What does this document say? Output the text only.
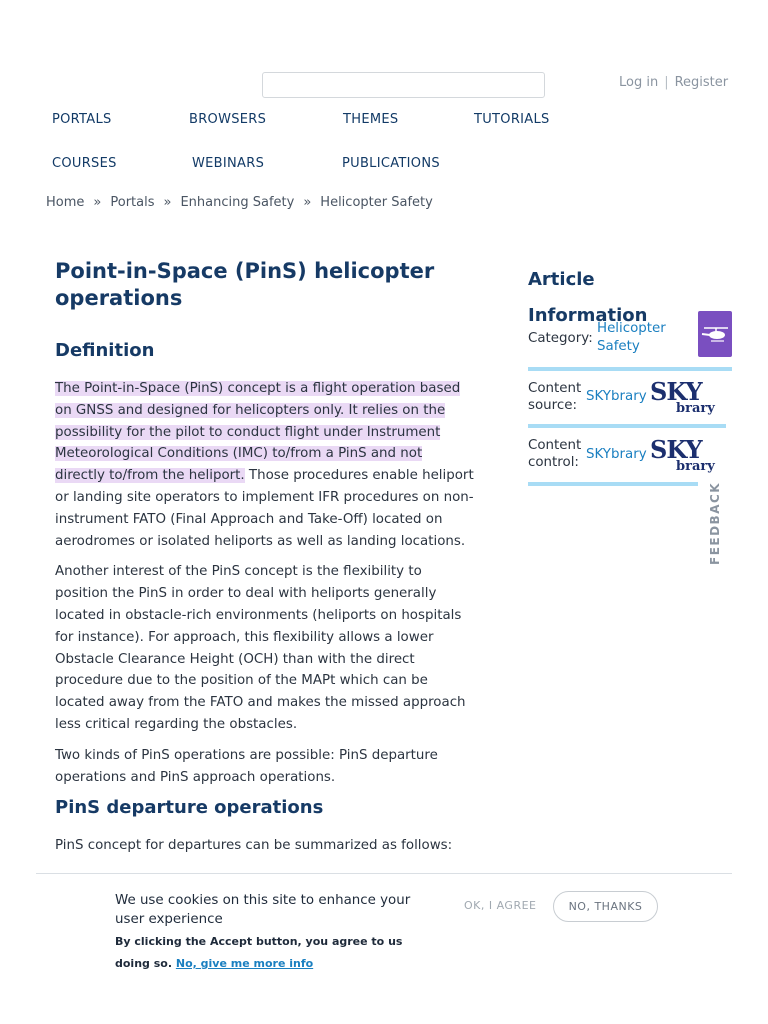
Log in | Register
PORTALS	BROWSERS	THEMES	TUTORIALS
COURSES	WEBINARS	PUBLICATIONS
Home » Portals » Enhancing Safety » Helicopter Safety
Point-in-Space (PinS) helicopter operations
Definition

The Point-in-Space (PinS) concept is a flight operation based on GNSS and designed for helicopters only. It relies on the possibility for the pilot to conduct flight under Instrument Meteorological Conditions (IMC) to/from a PinS and not directly to/from the heliport. Those procedures enable heliport or landing site operators to implement IFR procedures on non-instrument FATO (Final Approach and Take-Off) located on aerodromes or isolated heliports as well as landing locations.

Another interest of the PinS concept is the flexibility to position the PinS in order to deal with heliports generally located in obstacle-rich environments (heliports on hospitals for instance). For approach, this flexibility allows a lower Obstacle Clearance Height (OCH) than with the direct procedure due to the position of the MAPt which can be located away from the FATO and makes the missed approach less critical regarding the obstacles.

Two kinds of PinS operations are possible: PinS departure operations and PinS approach operations.

PinS departure operations

PinS concept for departures can be summarized as follows:

Article Information
Category:
Helicopter Safety
Content source:
SKYbrary SKY
brary
Content control:
SKYbrary SKY
brary
FEEDBACK
We use cookies on this site to enhance your user experience
By clicking the Accept button, you agree to us doing so. No, give me more info
OK, I AGREE	NO, THANKS
